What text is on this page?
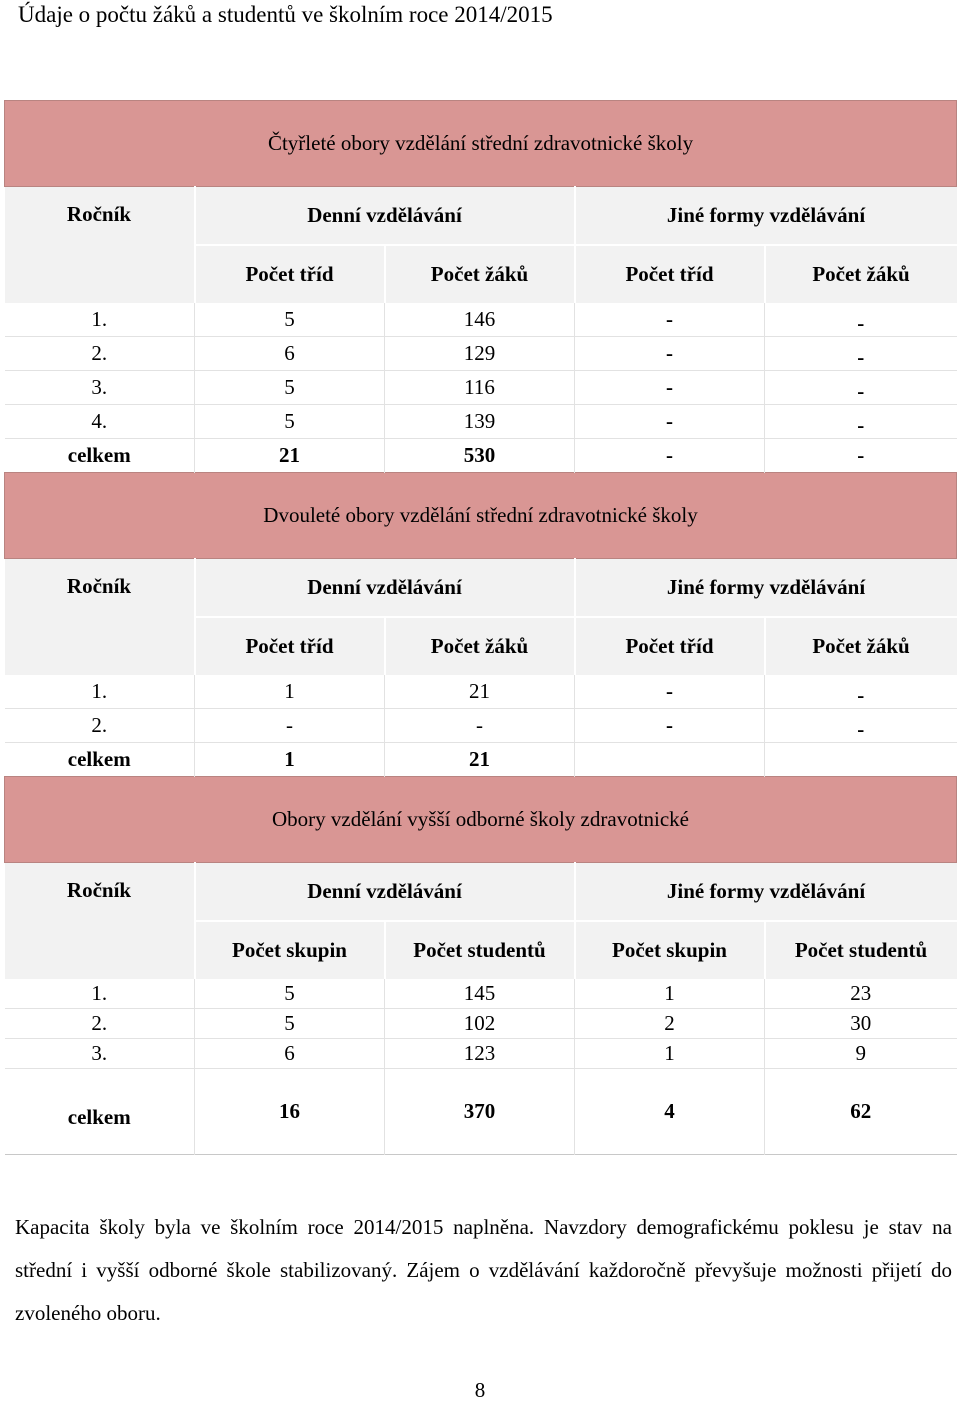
Údaje o počtu žáků a studentů ve školním roce 2014/2015
Čtyřleté obory vzdělání střední zdravotnické školy				
Ročník	Denní vzdělávání		Jiné formy vzdělávání	
	Počet tříd	Počet žáků	Počet tříd	Počet žáků
1.	5	146	-	-
2.	6	129	-	-
3.	5	116	-	-
4.	5	139	-	-
celkem	21	530	-	-
Dvouleté obory vzdělání střední zdravotnické školy				
Ročník	Denní vzdělávání		Jiné formy vzdělávání	
	Počet tříd	Počet žáků	Počet tříd	Počet žáků
1.	1	21	-	-
2.	-	-	-	-
celkem	1	21		
Obory vzdělání vyšší odborné školy zdravotnické				
Ročník	Denní vzdělávání		Jiné formy vzdělávání	
	Počet skupin	Počet studentů	Počet skupin	Počet studentů
1.	5	145	1	23
2.	5	102	2	30
3.	6	123	1	9
celkem	16	370	4	62
Kapacita školy byla ve školním roce 2014/2015 naplněna. Navzdory demografickému poklesu je stav na střední i vyšší odborné škole stabilizovaný. Zájem o vzdělávání každoročně převyšuje možnosti přijetí do zvoleného oboru.
8
